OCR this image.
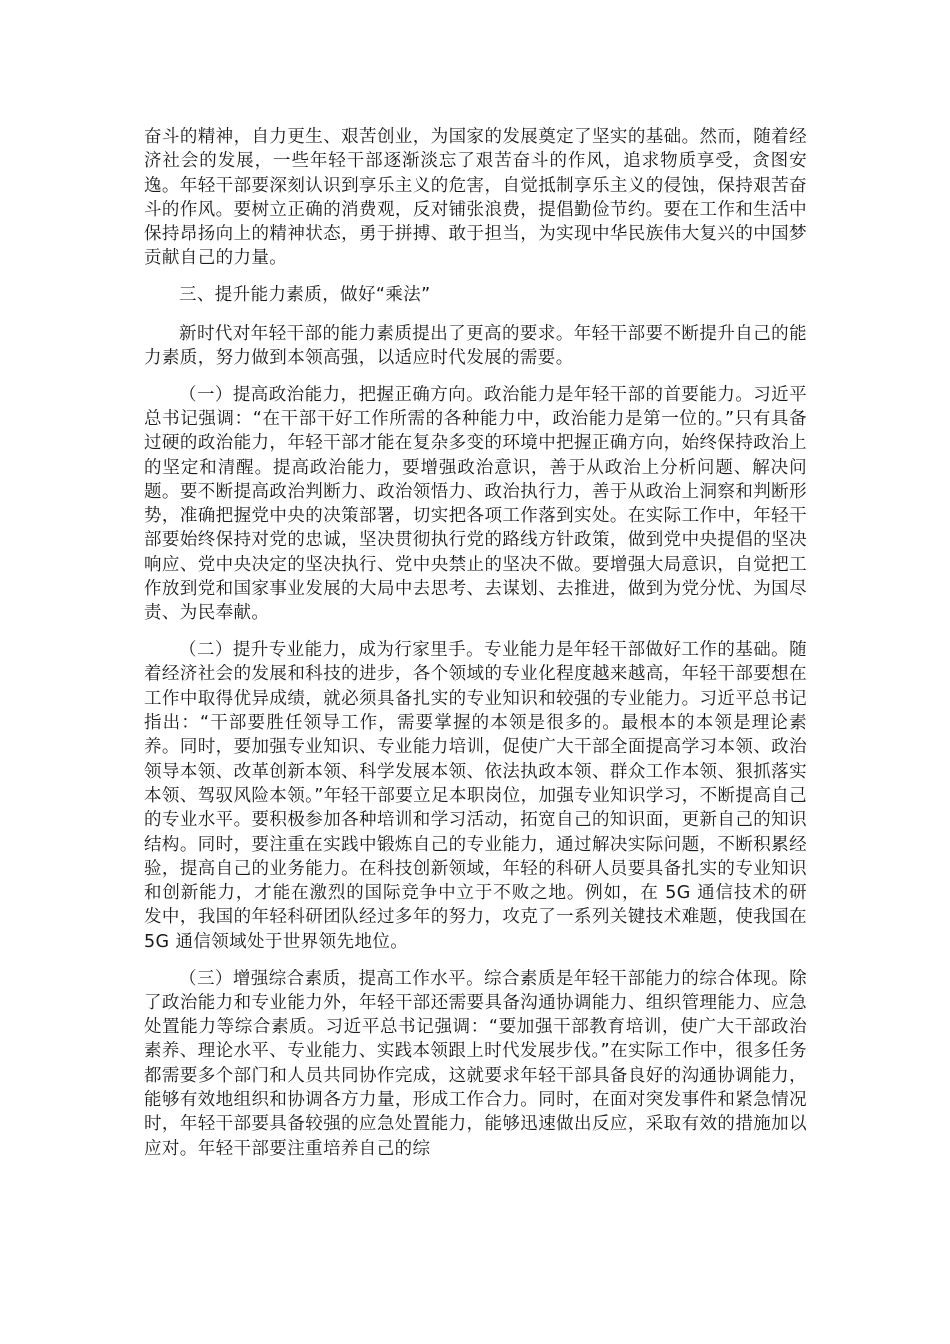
奋斗的精神，自力更生、艰苦创业，为国家的发展奠定了坚实的基础。然而，随着经济社会的发展，一些年轻干部逐渐淡忘了艰苦奋斗的作风，追求物质享受，贪图安逸。年轻干部要深刻认识到享乐主义的危害，自觉抵制享乐主义的侵蚀，保持艰苦奋斗的作风。要树立正确的消费观，反对铺张浪费，提倡勤俭节约。要在工作和生活中保持昂扬向上的精神状态，勇于拼搏、敢于担当，为实现中华民族伟大复兴的中国梦贡献自己的力量。

三、提升能力素质，做好“乘法”

新时代对年轻干部的能力素质提出了更高的要求。年轻干部要不断提升自己的能力素质，努力做到本领高强，以适应时代发展的需要。

（一）提高政治能力，把握正确方向。政治能力是年轻干部的首要能力。习近平总书记强调：“在干部干好工作所需的各种能力中，政治能力是第一位的。”只有具备过硬的政治能力，年轻干部才能在复杂多变的环境中把握正确方向，始终保持政治上的坚定和清醒。提高政治能力，要增强政治意识，善于从政治上分析问题、解决问题。要不断提高政治判断力、政治领悟力、政治执行力，善于从政治上洞察和判断形势，准确把握党中央的决策部署，切实把各项工作落到实处。在实际工作中，年轻干部要始终保持对党的忠诚，坚决贯彻执行党的路线方针政策，做到党中央提倡的坚决响应、党中央决定的坚决执行、党中央禁止的坚决不做。要增强大局意识，自觉把工作放到党和国家事业发展的大局中去思考、去谋划、去推进，做到为党分忧、为国尽责、为民奉献。

（二）提升专业能力，成为行家里手。专业能力是年轻干部做好工作的基础。随着经济社会的发展和科技的进步，各个领域的专业化程度越来越高，年轻干部要想在工作中取得优异成绩，就必须具备扎实的专业知识和较强的专业能力。习近平总书记指出：“干部要胜任领导工作，需要掌握的本领是很多的。最根本的本领是理论素养。同时，要加强专业知识、专业能力培训，促使广大干部全面提高学习本领、政治领导本领、改革创新本领、科学发展本领、依法执政本领、群众工作本领、狠抓落实本领、驾驭风险本领。”年轻干部要立足本职岗位，加强专业知识学习，不断提高自己的专业水平。要积极参加各种培训和学习活动，拓宽自己的知识面，更新自己的知识结构。同时，要注重在实践中锻炼自己的专业能力，通过解决实际问题，不断积累经验，提高自己的业务能力。在科技创新领域，年轻的科研人员要具备扎实的专业知识和创新能力，才能在激烈的国际竞争中立于不败之地。例如，在 5G 通信技术的研发中，我国的年轻科研团队经过多年的努力，攻克了一系列关键技术难题，使我国在 5G 通信领域处于世界领先地位。

（三）增强综合素质，提高工作水平。综合素质是年轻干部能力的综合体现。除了政治能力和专业能力外，年轻干部还需要具备沟通协调能力、组织管理能力、应急处置能力等综合素质。习近平总书记强调：“要加强干部教育培训，使广大干部政治素养、理论水平、专业能力、实践本领跟上时代发展步伐。”在实际工作中，很多任务都需要多个部门和人员共同协作完成，这就要求年轻干部具备良好的沟通协调能力，能够有效地组织和协调各方力量，形成工作合力。同时，在面对突发事件和紧急情况时，年轻干部要具备较强的应急处置能力，能够迅速做出反应，采取有效的措施加以应对。年轻干部要注重培养自己的综
